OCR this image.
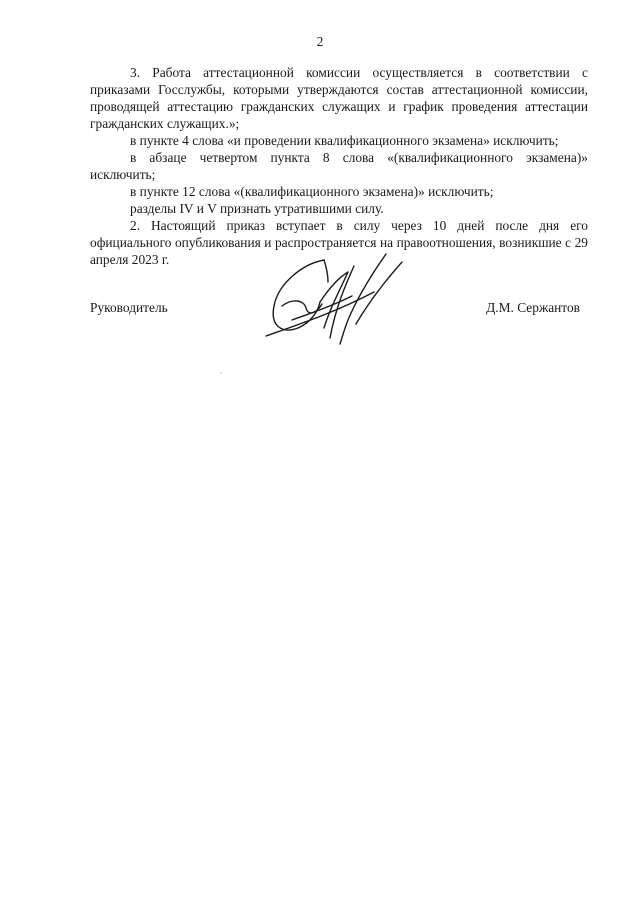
2

3. Работа аттестационной комиссии осуществляется в соответствии с приказами Госслужбы, которыми утверждаются состав аттестационной комиссии, проводящей аттестацию гражданских служащих и график проведения аттестации гражданских служащих.»;

в пункте 4 слова «и проведении квалификационного экзамена» исключить;

в абзаце четвертом пункта 8 слова «(квалификационного экзамена)» исключить;

в пункте 12 слова «(квалификационного экзамена)» исключить;

разделы IV и V признать утратившими силу.

2. Настоящий приказ вступает в силу через 10 дней после дня его официального опубликования и распространяется на правоотношения, возникшие с 29 апреля 2023 г.

Руководитель	Д.М. Сержантов
